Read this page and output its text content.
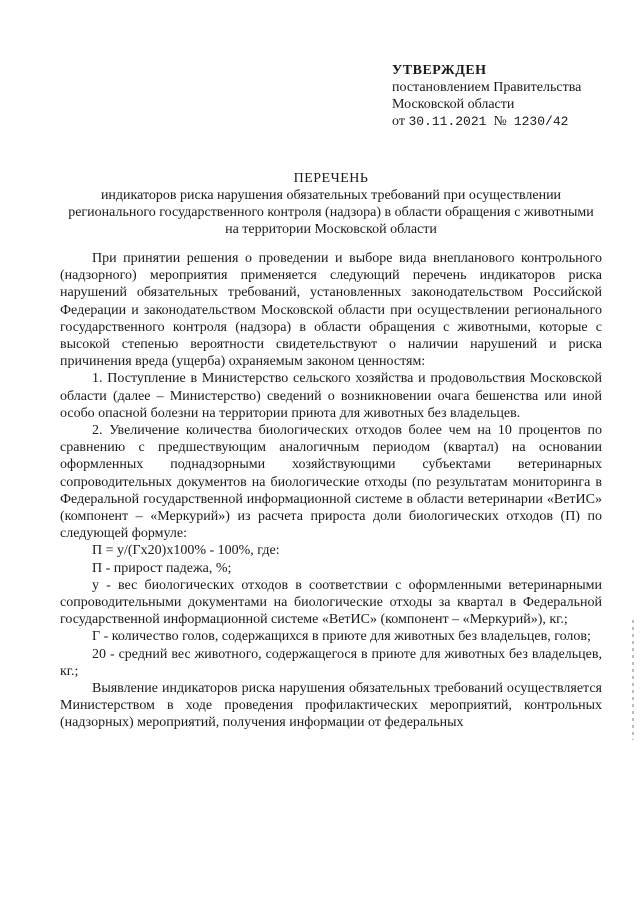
УТВЕРЖДЕН
постановлением Правительства
Московской области
от 30.11.2021 № 1230/42
ПЕРЕЧЕНЬ
индикаторов риска нарушения обязательных требований при осуществлении регионального государственного контроля (надзора) в области обращения с животными на территории Московской области

При принятии решения о проведении и выборе вида внепланового контрольного (надзорного) мероприятия применяется следующий перечень индикаторов риска нарушений обязательных требований, установленных законодательством Российской Федерации и законодательством Московской области при осуществлении регионального государственного контроля (надзора) в области обращения с животными, которые с высокой степенью вероятности свидетельствуют о наличии нарушений и риска причинения вреда (ущерба) охраняемым законом ценностям:

1. Поступление в Министерство сельского хозяйства и продовольствия Московской области (далее – Министерство) сведений о возникновении очага бешенства или иной особо опасной болезни на территории приюта для животных без владельцев.

2. Увеличение количества биологических отходов более чем на 10 процентов по сравнению с предшествующим аналогичным периодом (квартал) на основании оформленных поднадзорными хозяйствующими субъектами ветеринарных сопроводительных документов на биологические отходы (по результатам мониторинга в Федеральной государственной информационной системе в области ветеринарии «ВетИС» (компонент – «Меркурий») из расчета прироста доли биологических отходов (П) по следующей формуле:

П = у/(Гх20)х100% - 100%, где:

П - прирост падежа, %;

у - вес биологических отходов в соответствии с оформленными ветеринарными сопроводительными документами на биологические отходы за квартал в Федеральной государственной информационной системе «ВетИС» (компонент – «Меркурий»), кг.;

Г - количество голов, содержащихся в приюте для животных без владельцев, голов;

20 - средний вес животного, содержащегося в приюте для животных без владельцев, кг.;

Выявление индикаторов риска нарушения обязательных требований осуществляется Министерством в ходе проведения профилактических мероприятий, контрольных (надзорных) мероприятий, получения информации от федеральных
